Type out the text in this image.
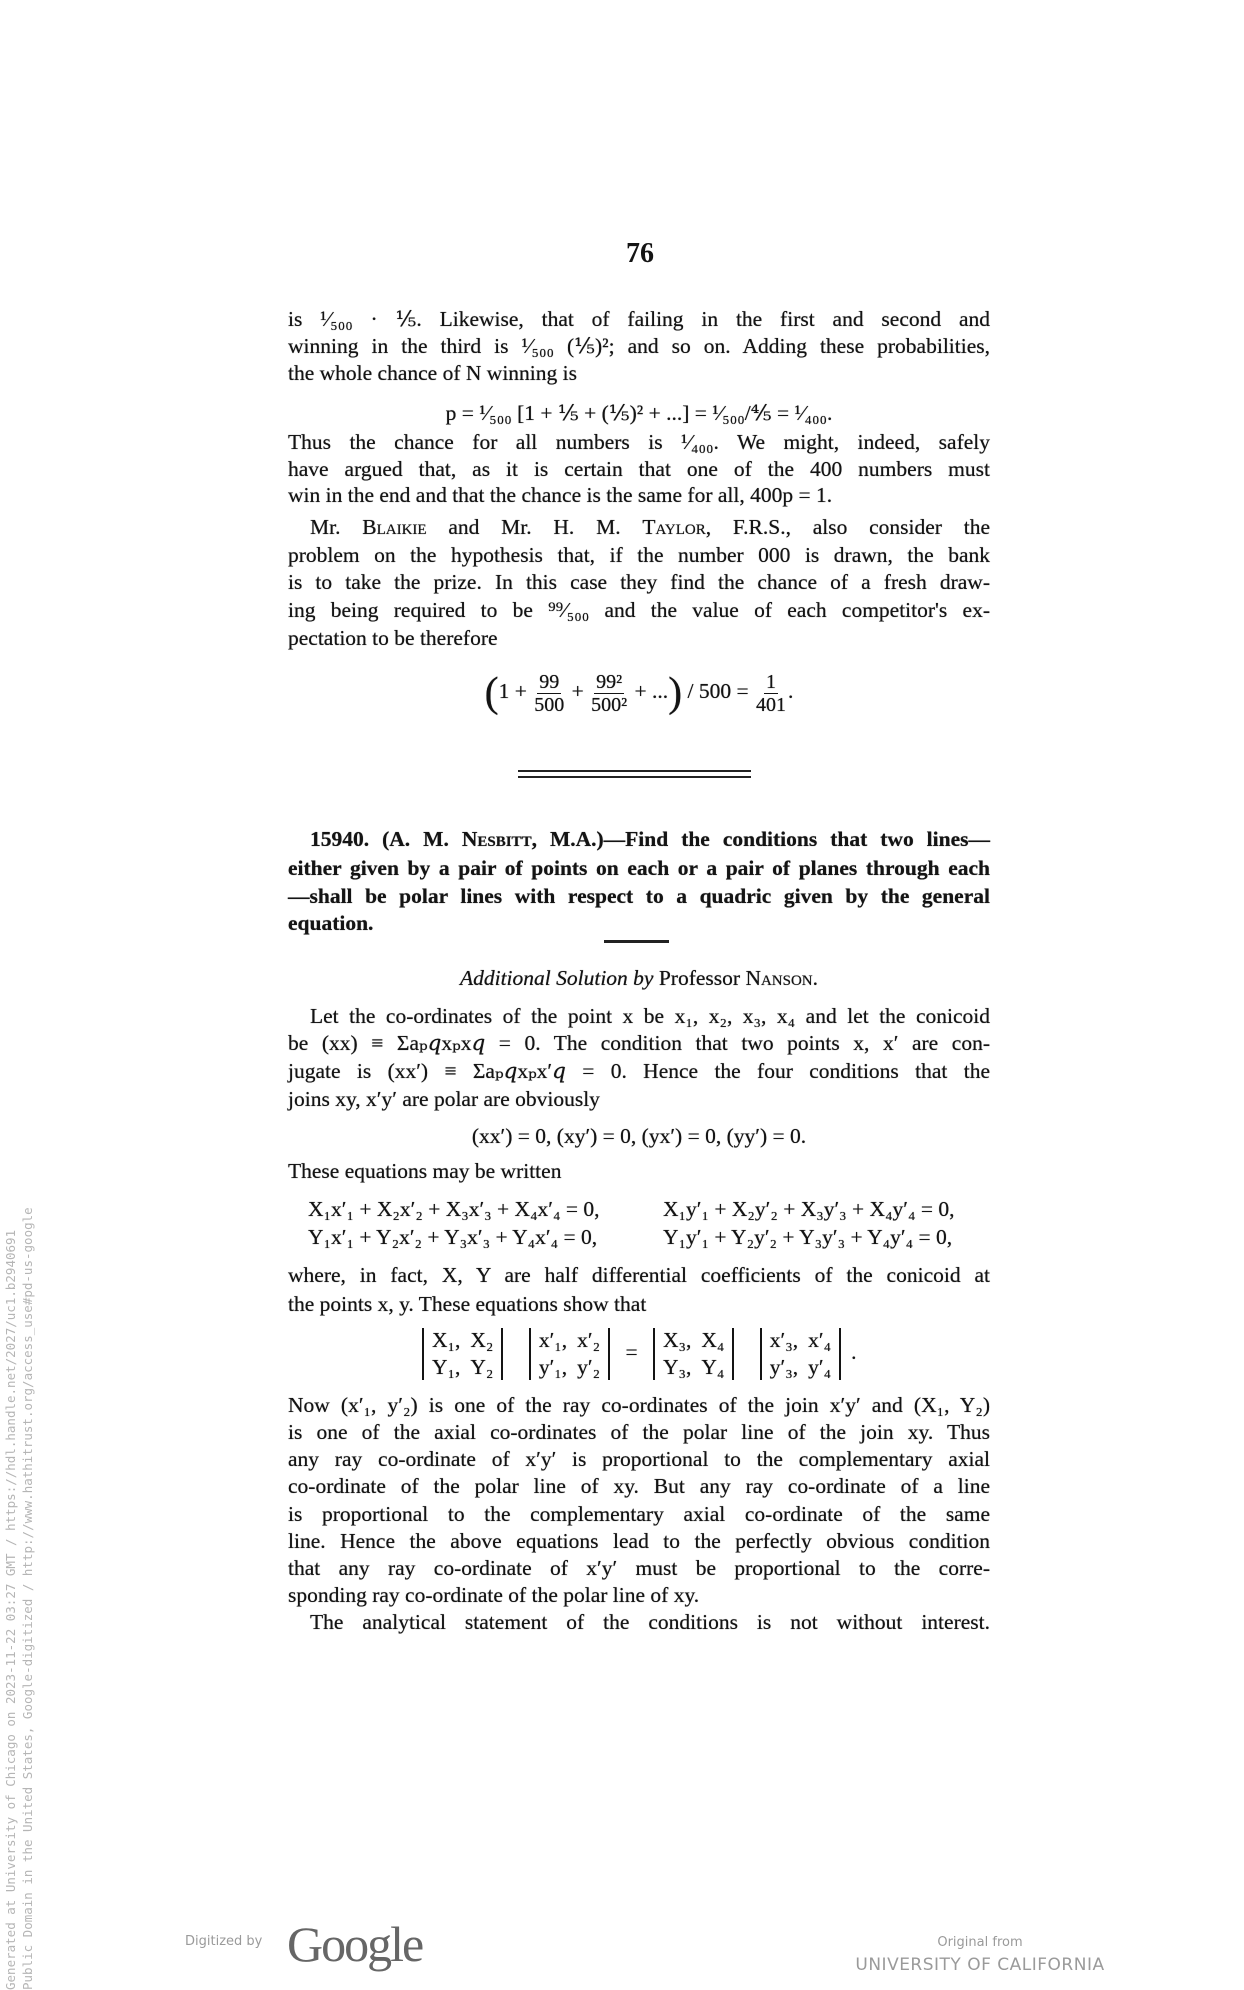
76
is ¹⁄₅₀₀ · ⅕. Likewise, that of failing in the first and second and
winning in the third is ¹⁄₅₀₀ (⅕)²; and so on. Adding these probabilities,
the whole chance of N winning is
p = ¹⁄₅₀₀ [1 + ⅕ + (⅕)² + ...] = ¹⁄₅₀₀/⅘ = ¹⁄₄₀₀.
Thus the chance for all numbers is ¹⁄₄₀₀. We might, indeed, safely
have argued that, as it is certain that one of the 400 numbers must
win in the end and that the chance is the same for all, 400p = 1.
Mr. Blaikie and Mr. H. M. Taylor, F.R.S., also consider the
problem on the hypothesis that, if the number 000 is drawn, the bank
is to take the prize. In this case they find the chance of a fresh draw-
ing being required to be ⁹⁹⁄₅₀₀ and the value of each competitor's ex-
pectation to be therefore
($1 + \frac{99}{500} + \frac{\text{99²}}{\text{500²}}$ + ...) / $500 = \frac{1}{401}$ .
15940. (A. M. Nesbitt, M.A.)—Find the conditions that two lines—
either given by a pair of points on each or a pair of planes through each
—shall be polar lines with respect to a quadric given by the general
equation.
Additional Solution by Professor Nanson.
Let the co-ordinates of the point x be x₁, x₂, x₃, x₄ and let the conicoid
be (xx) ≡ Σaₚ𝑞xₚx𝑞 = 0. The condition that two points x, x′ are con-
jugate is (xx′) ≡ Σaₚ𝑞xₚx′𝑞 = 0. Hence the four conditions that the
joins xy, x′y′ are polar are obviously
(xx′) = 0, (xy′) = 0, (yx′) = 0, (yy′) = 0.
These equations may be written
X₁x′₁ + X₂x′₂ + X₃x′₃ + X₄x′₄ = 0,	X₁y′₁ + X₂y′₂ + X₃y′₃ + X₄y′₄ = 0,
Y₁x′₁ + Y₂x′₂ + Y₃x′₃ + Y₄x′₄ = 0,	Y₁y′₁ + Y₂y′₂ + Y₃y′₃ + Y₄y′₄ = 0,
where, in fact, X, Y are half differential coefficients of the conicoid at
the points x, y. These equations show that
X₁, X₂
Y₁, Y₂

x′₁, x′₂
y′₁, y′₂
= X₃, X₄
Y₃, Y₄

x′₃, x′₄
y′₃, y′₄
.
Now (x′₁, y′₂) is one of the ray co-ordinates of the join x′y′ and (X₁, Y₂)
is one of the axial co-ordinates of the polar line of the join xy. Thus
any ray co-ordinate of x′y′ is proportional to the complementary axial
co-ordinate of the polar line of xy. But any ray co-ordinate of a line
is proportional to the complementary axial co-ordinate of the same
line. Hence the above equations lead to the perfectly obvious condition
that any ray co-ordinate of x′y′ must be proportional to the corre-
sponding ray co-ordinate of the polar line of xy.
The analytical statement of the conditions is not without interest.
Generated at University of Chicago on 2023-11-22 03:27 GMT / https://hdl.handle.net/2027/uc1.b2940691 Public Domain in the United States, Google-digitized / http://www.hathitrust.org/access_use#pd-us-google	Digitized by Google	Original from
UNIVERSITY OF CALIFORNIA
